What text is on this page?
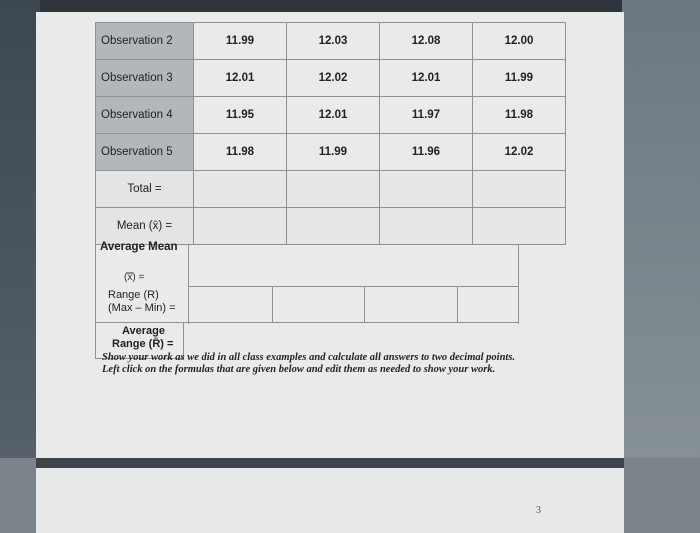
3
Observation 2	11.99	12.03	12.08	12.00
Observation 3	12.01	12.02	12.01	11.99
Observation 4	11.95	12.01	11.97	11.98
Observation 5	11.98	11.99	11.96	12.02
Total =				
Mean (x̄) =				
Average Mean
(x̿) =
Range (R)
(Max – Min) =
Average
Range (R̄) =
Show your work as we did in all class examples and calculate all answers to two decimal points. Left click on the formulas that are given below and edit them as needed to show your work.
